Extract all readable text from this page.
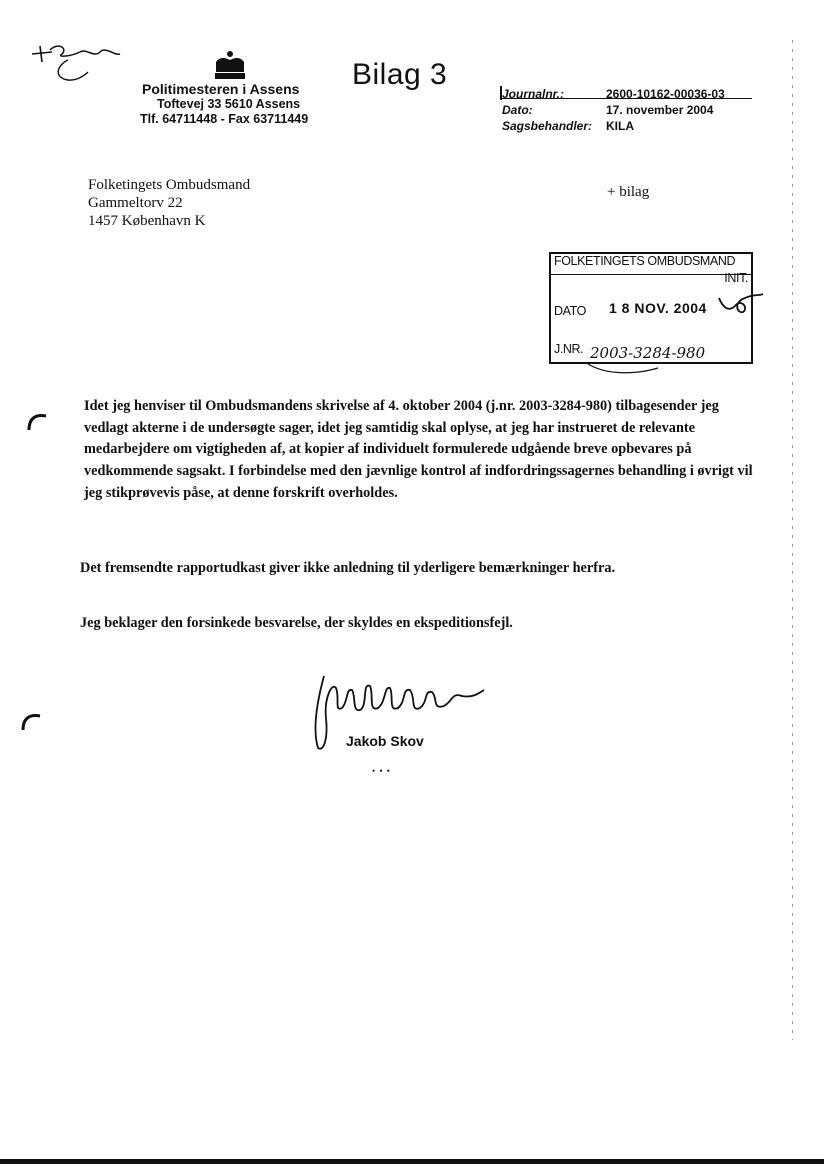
Politimesteren i Assens
Toftevej 33 5610 Assens
Tlf. 64711448 - Fax 63711449
Bilag 3
Journalnr.:	2600-10162-00036-03
Dato:	17. november 2004
Sagsbehandler:	KILA
Folketingets Ombudsmand
Gammeltorv 22
1457 København K
+ bilag
FOLKETINGETS OMBUDSMAND
INIT.
DATO 1 8 NOV. 2004
J.NR. 2003-3284-980
Idet jeg henviser til Ombudsmandens skrivelse af 4. oktober 2004 (j.nr. 2003-3284-980) tilbagesender jeg vedlagt akterne i de undersøgte sager, idet jeg samtidig skal oplyse, at jeg har instrueret de relevante medarbejdere om vigtigheden af, at kopier af individuelt formulerede udgående breve opbevares på vedkommende sagsakt. I forbindelse med den jævnlige kontrol af indfordringssagernes behandling i øvrigt vil jeg stikprøvevis påse, at denne forskrift overholdes.
Det fremsendte rapportudkast giver ikke anledning til yderligere bemærkninger herfra.
Jeg beklager den forsinkede besvarelse, der skyldes en ekspeditionsfejl.
Jakob Skov
• • •
